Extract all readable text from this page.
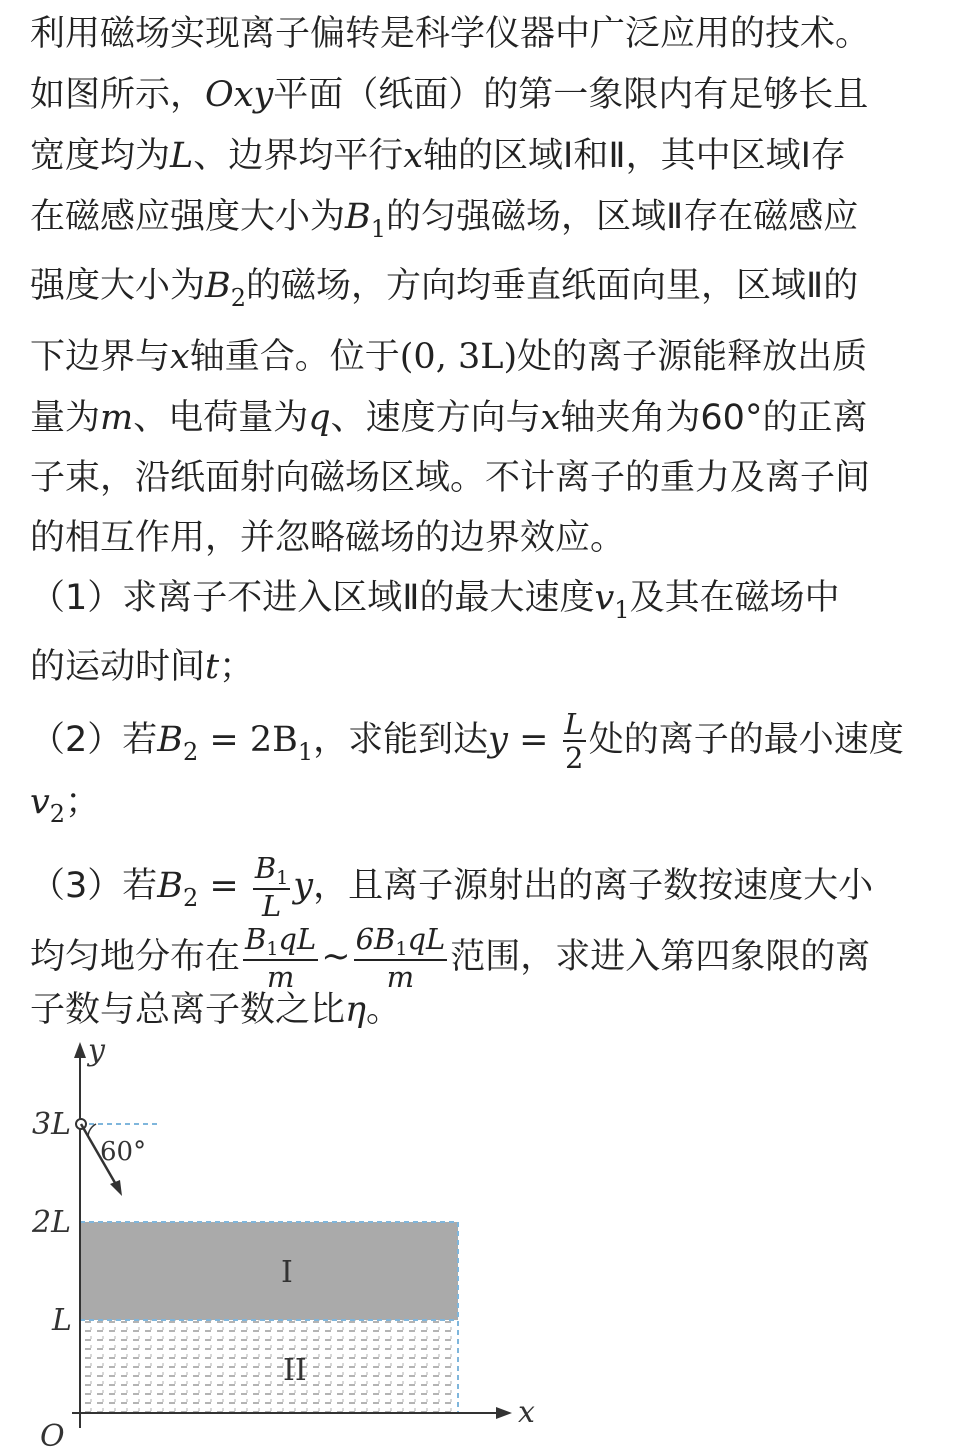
利用磁场实现离子偏转是科学仪器中广泛应用的技术。
如图所示，Oxy平面（纸面）的第一象限内有足够长且
宽度均为L、边界均平行x轴的区域Ⅰ和Ⅱ，其中区域Ⅰ存
在磁感应强度大小为$B_1$的匀强磁场，区域Ⅱ存在磁感应
强度大小为$B_2$的磁场，方向均垂直纸面向里，区域Ⅱ的
下边界与x轴重合。位于(0, 3L)处的离子源能释放出质
量为m、电荷量为q、速度方向与x轴夹角为60°的正离
子束，沿纸面射向磁场区域。不计离子的重力及离子间
的相互作用，并忽略磁场的边界效应。
（1）求离子不进入区域Ⅱ的最大速度$v_1$及其在磁场中
的运动时间t；
（2）若$B_2 = 2B_1$，求能到达$y = \frac{L}{2}$ 处的离子的最小速度
$v_2$；
（3）若$B_2 = \frac{B_1}{L}$ y，且离子源射出的离子数按速度大小
均匀地分布在 $\frac{B_1qL}{m}$ ~ $\frac{6B_1qL}{m}$ 范围，求进入第四象限的离
子数与总离子数之比η。
y
x
O
3L
2L
L
60°
I
II
